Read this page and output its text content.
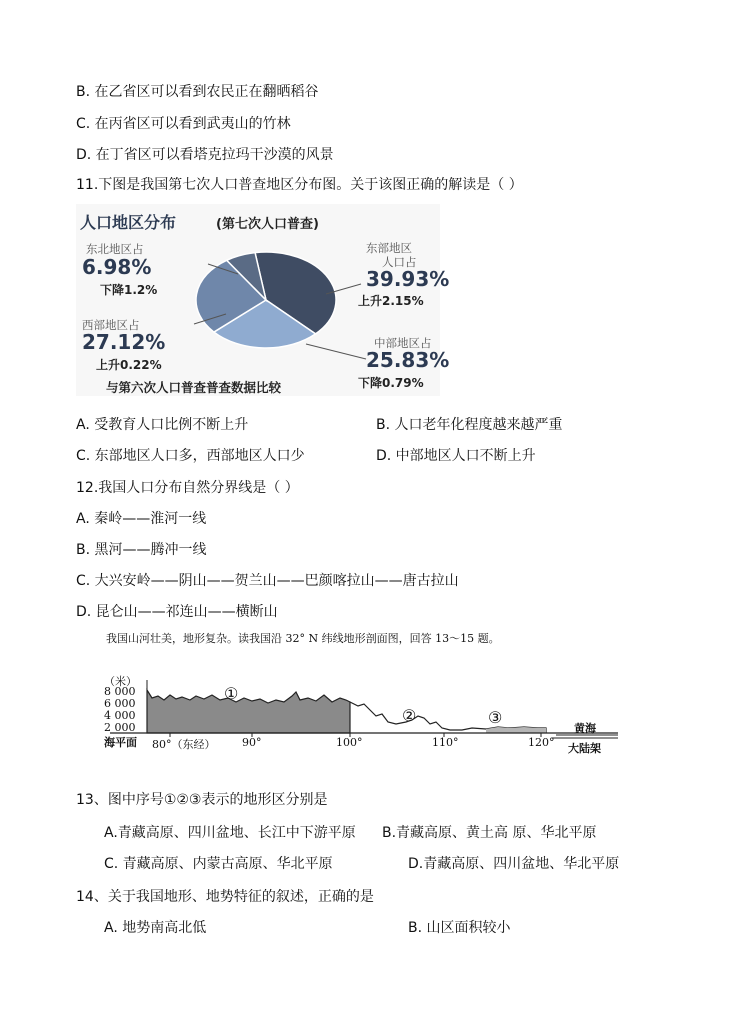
B. 在乙省区可以看到农民正在翻晒稻谷
C. 在丙省区可以看到武夷山的竹林
D. 在丁省区可以看塔克拉玛干沙漠的风景
11.下图是我国第七次人口普查地区分布图。关于该图正确的解读是（ ）
人口地区分布	(第七次人口普查)
东部地区
人口占
39.93%
上升2.15%
东北地区占
6.98%
下降1.2%
西部地区占
27.12%
上升0.22%
中部地区占
25.83%
下降0.79%
与第六次人口普查普查数据比较
A. 受教育人口比例不断上升	B. 人口老年化程度越来越严重
C. 东部地区人口多，西部地区人口少	D. 中部地区人口不断上升
12.我国人口分布自然分界线是（ ）
A. 秦岭——淮河一线
B. 黑河——腾冲一线
C. 大兴安岭——阴山——贺兰山——巴颜喀拉山——唐古拉山
D. 昆仑山——祁连山——横断山
我国山河壮美，地形复杂。读我国沿 32° N 纬线地形剖面图，回答 13～15 题。
（米）
8 000
6 000
4 000
2 000
海平面 80°（东经） 90°	100°	110°	120°
①
②	③
黄海
大陆架
13、图中序号①②③表示的地形区分别是
A.青藏高原、四川盆地、长江中下游平原 B.青藏高原、黄土高 原、华北平原
C. 青藏高原、内蒙古高原、华北平原	D.青藏高原、四川盆地、华北平原
14、关于我国地形、地势特征的叙述，正确的是
A. 地势南高北低	B. 山区面积较小
